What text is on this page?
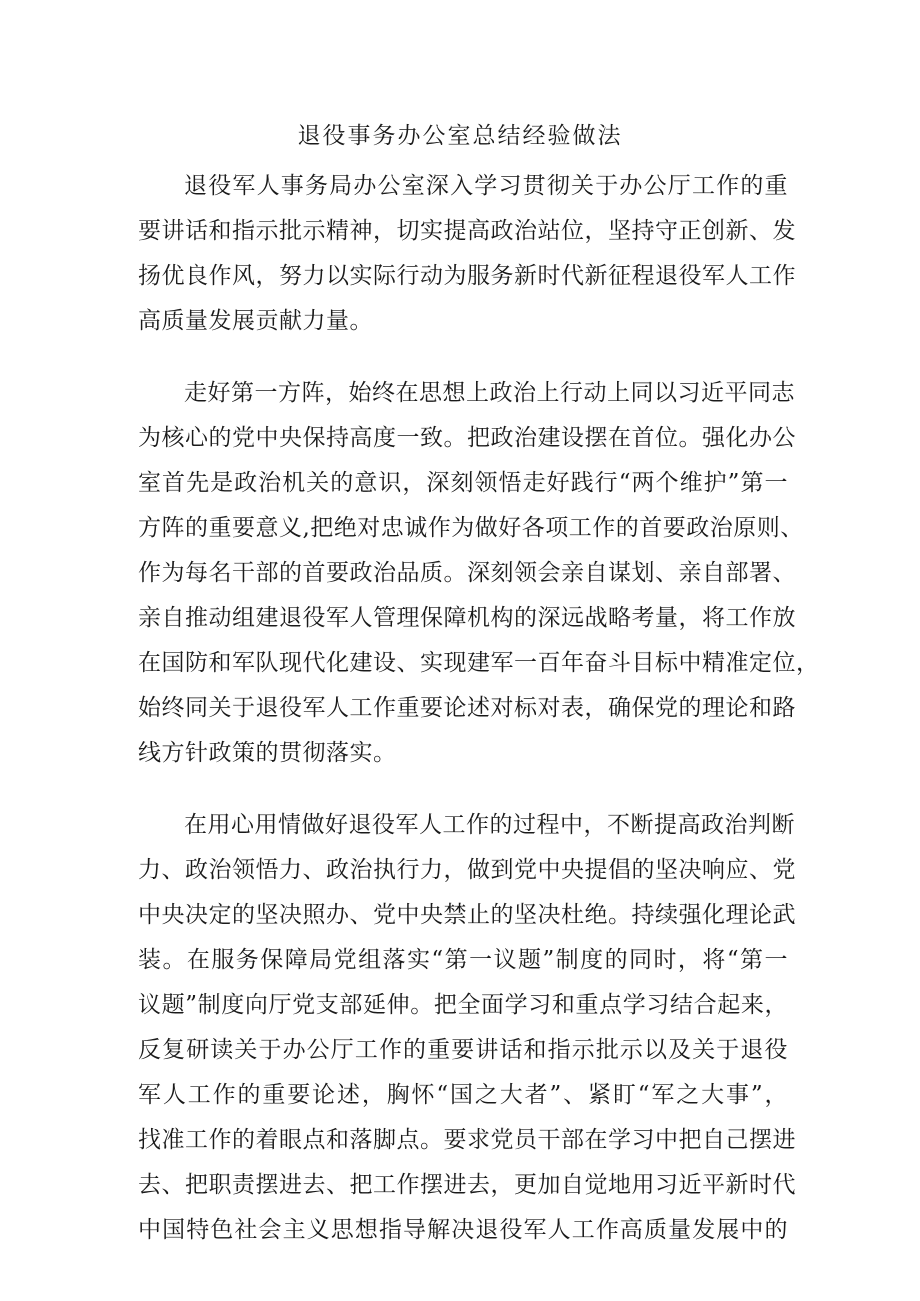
退役事务办公室总结经验做法
退役军人事务局办公室深入学习贯彻关于办公厅工作的重
要讲话和指示批示精神，切实提高政治站位，坚持守正创新、发
扬优良作风，努力以实际行动为服务新时代新征程退役军人工作
高质量发展贡献力量。
走好第一方阵，始终在思想上政治上行动上同以习近平同志
为核心的党中央保持高度一致。把政治建设摆在首位。强化办公
室首先是政治机关的意识，深刻领悟走好践行“两个维护”第一
方阵的重要意义,把绝对忠诚作为做好各项工作的首要政治原则、
作为每名干部的首要政治品质。深刻领会亲自谋划、亲自部署、
亲自推动组建退役军人管理保障机构的深远战略考量，将工作放
在国防和军队现代化建设、实现建军一百年奋斗目标中精准定位，
始终同关于退役军人工作重要论述对标对表，确保党的理论和路
线方针政策的贯彻落实。
在用心用情做好退役军人工作的过程中，不断提高政治判断
力、政治领悟力、政治执行力，做到党中央提倡的坚决响应、党
中央决定的坚决照办、党中央禁止的坚决杜绝。持续强化理论武
装。在服务保障局党组落实“第一议题”制度的同时，将“第一
议题”制度向厅党支部延伸。把全面学习和重点学习结合起来，
反复研读关于办公厅工作的重要讲话和指示批示以及关于退役
军人工作的重要论述，胸怀“国之大者”、紧盯“军之大事”，
找准工作的着眼点和落脚点。要求党员干部在学习中把自己摆进
去、把职责摆进去、把工作摆进去，更加自觉地用习近平新时代
中国特色社会主义思想指导解决退役军人工作高质量发展中的
